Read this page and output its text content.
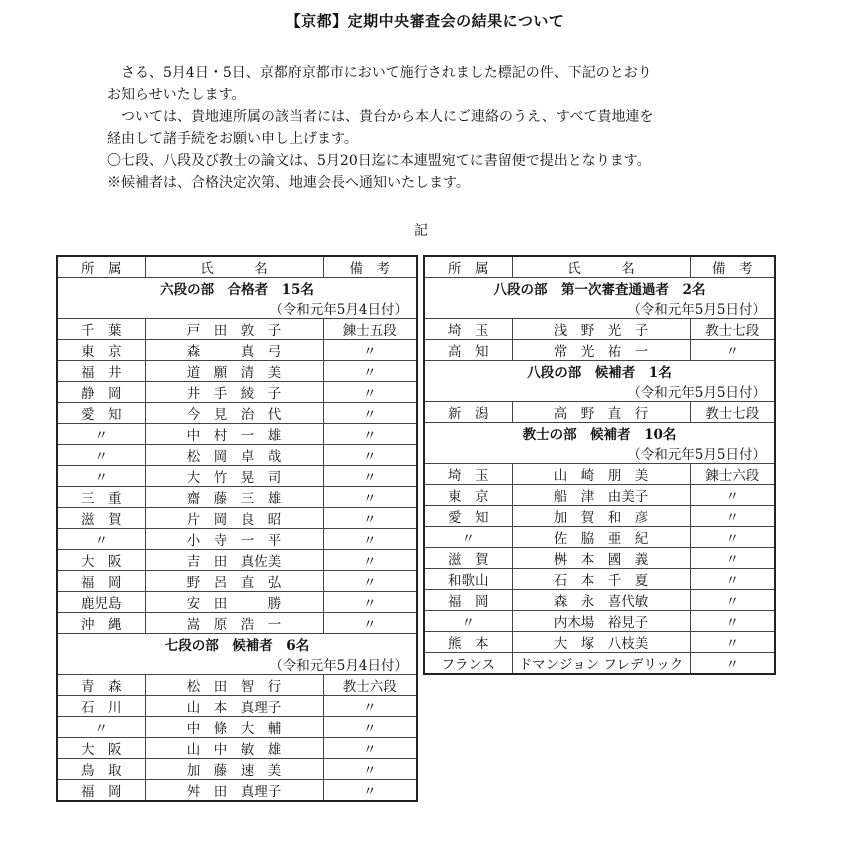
【京都】定期中央審査会の結果について
　さる、5月4日・5日、京都府京都市において施行されました標記の件、下記のとおり
お知らせいたします。
　ついては、貴地連所属の該当者には、貴台から本人にご連絡のうえ、すべて貴地連を
経由して諸手続をお願い申し上げます。
〇七段、八段及び教士の論文は、5月20日迄に本連盟宛てに書留便で提出となります。
※候補者は、合格決定次第、地連会長へ通知いたします。
記
所　属	氏　　　名	備　考
六段の部　合格者　15名		
（令和元年5月4日付）		
千　葉	戸　田　敦　子	錬士五段
東　京	森　　　真　弓	〃
福　井	道　願　清　美	〃
静　岡	井　手　綾　子	〃
愛　知	今　見　治　代	〃
〃	中　村　一　雄	〃
〃	松　岡　卓　哉	〃
〃	大　竹　晃　司	〃
三　重	齋　藤　三　雄	〃
滋　賀	片　岡　良　昭	〃
〃	小　寺　一　平	〃
大　阪	吉　田　真佐美	〃
福　岡	野　呂　直　弘	〃
鹿児島	安　田　　　勝	〃
沖　縄	嵩　原　浩　一	〃
七段の部　候補者　6名		
（令和元年5月4日付）		
青　森	松　田　智　行	教士六段
石　川	山　本　真理子	〃
〃	中　條　大　輔	〃
大　阪	山　中　敏　雄	〃
鳥　取	加　藤　速　美	〃
福　岡	舛　田　真理子	〃
所　属	氏　　　名	備　考
八段の部　第一次審査通過者　2名		
（令和元年5月5日付）		
埼　玉	浅　野　光　子	教士七段
高　知	常　光　祐　一	〃
八段の部　候補者　1名		
（令和元年5月5日付）		
新　潟	高　野　直　行	教士七段
教士の部　候補者　10名		
（令和元年5月5日付）		
埼　玉	山　崎　朋　美	錬士六段
東　京	船　津　由美子	〃
愛　知	加　賀　和　彦	〃
〃	佐　脇　亜　紀	〃
滋　賀	桝　本　國　義	〃
和歌山	石　本　千　夏	〃
福　岡	森　永　喜代敏	〃
〃	内木場　裕見子	〃
熊　本	大　塚　八枝美	〃
フランス	ドマンジョン フレデリック	〃
